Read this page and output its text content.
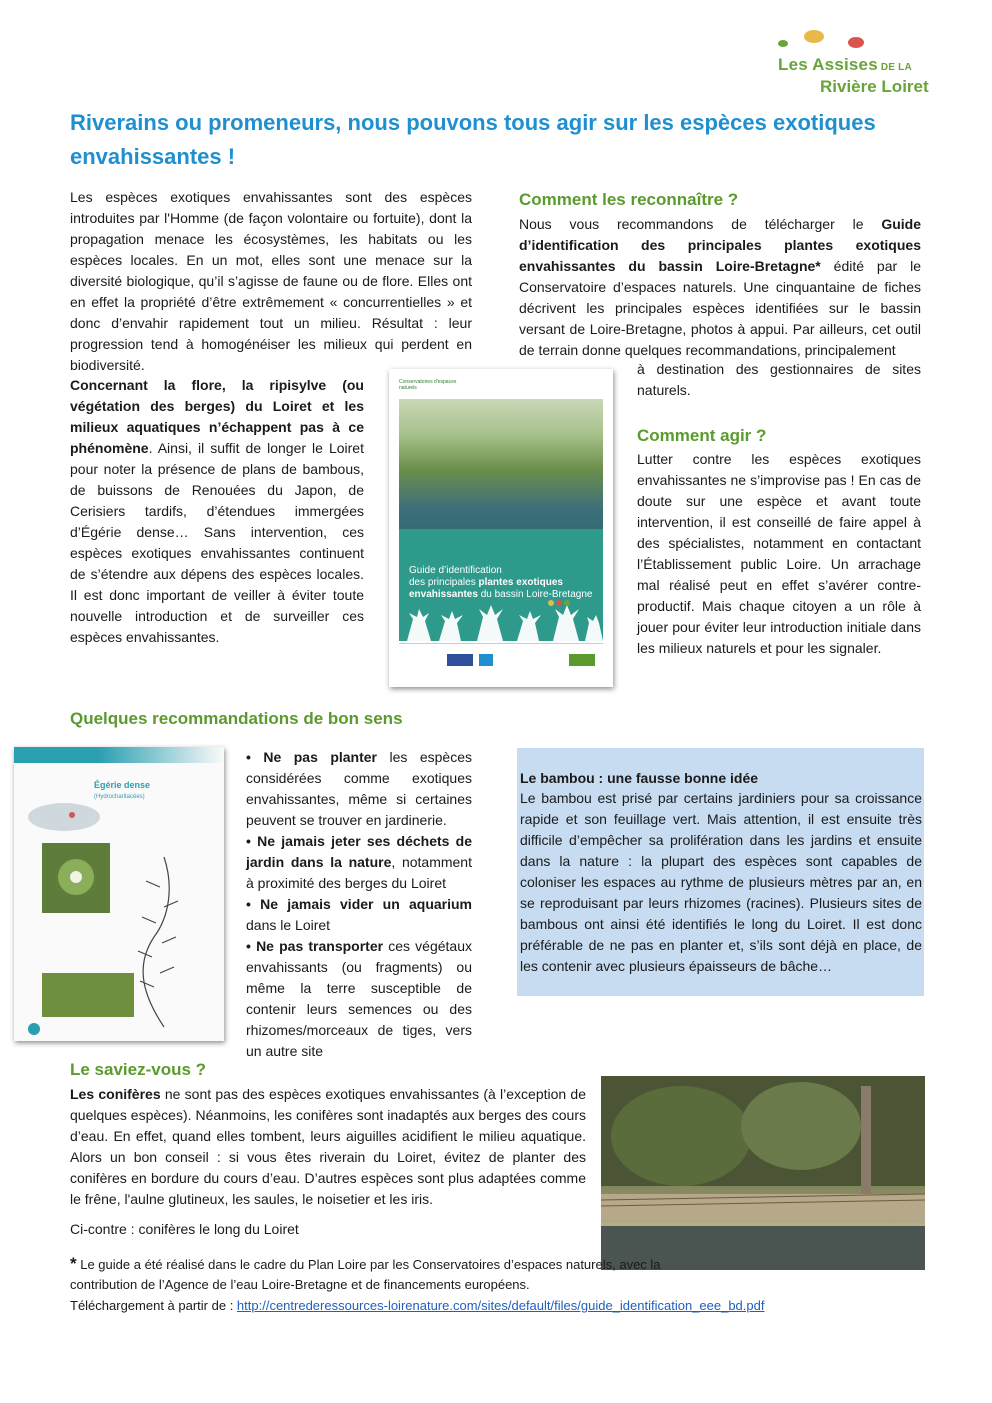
Les Assises DE LA
Rivière Loiret
Riverains ou promeneurs, nous pouvons tous agir sur les espèces exotiques envahissantes !
Les espèces exotiques envahissantes sont des espèces introduites par l'Homme (de façon volontaire ou fortuite), dont la propagation menace les écosystèmes, les habitats ou les espèces locales. En un mot, elles sont une menace sur la diversité biologique, qu’il s’agisse de faune ou de flore. Elles ont en effet la propriété d’être extrêmement « concurrentielles » et donc d’envahir rapidement tout un milieu. Résultat : leur progression tend à homogénéiser les milieux qui perdent en biodiversité.
Concernant la flore, la ripisylve (ou végétation des berges) du Loiret et les milieux aquatiques n’échappent pas à ce phénomène. Ainsi, il suffit de longer le Loiret pour noter la présence de plans de bambous, de buissons de Renouées du Japon, de Cerisiers tardifs, d’étendues immergées d’Égérie dense… Sans intervention, ces espèces exotiques envahissantes continuent de s’étendre aux dépens des espèces locales. Il est donc important de veiller à éviter toute nouvelle introduction et de surveiller ces espèces envahissantes.
Comment les reconnaître ?
Nous vous recommandons de télécharger le Guide d’identification des principales plantes exotiques envahissantes du bassin Loire-Bretagne* édité par le Conservatoire d’espaces naturels. Une cinquantaine de fiches décrivent les principales espèces identifiées sur le bassin versant de Loire-Bretagne, photos à appui. Par ailleurs, cet outil de terrain donne quelques recommandations, principalement
à destination des gestionnaires de sites naturels.
Conservatoires d'espaces naturels
Guide d’identification
des principales plantes exotiques envahissantes du bassin Loire-Bretagne
Comment agir ?
Lutter contre les espèces exotiques envahissantes ne s’improvise pas ! En cas de doute sur une espèce et avant toute intervention, il est conseillé de faire appel à des spécialistes, notamment en contactant l’Établissement public Loire. Un arrachage mal réalisé peut en effet s’avérer contre-productif. Mais chaque citoyen a un rôle à jouer pour éviter leur introduction initiale dans les milieux naturels et pour les signaler.
Quelques recommandations de bon sens
Égérie dense
(Hydrocharitacées)

• Ne pas planter les espèces considérées comme exotiques envahissantes, même si certaines peuvent se trouver en jardinerie.

• Ne jamais jeter ses déchets de jardin dans la nature, notamment à proximité des berges du Loiret

• Ne jamais vider un aquarium dans le Loiret

• Ne pas transporter ces végétaux envahissants (ou fragments) ou même la terre susceptible de contenir leurs semences ou des rhizomes/morceaux de tiges, vers un autre site

Le bambou : une fausse bonne idée
Le bambou est prisé par certains jardiniers pour sa croissance rapide et son feuillage vert. Mais attention, il est ensuite très difficile d’empêcher sa prolifération dans les jardins et ensuite dans la nature : la plupart des espèces sont capables de coloniser les espaces au rythme de plusieurs mètres par an, en se reproduisant par leurs rhizomes (racines). Plusieurs sites de bambous ont ainsi été identifiés le long du Loiret. Il est donc préférable de ne pas en planter et, s’ils sont déjà en place, de les contenir avec plusieurs épaisseurs de bâche…
Le saviez-vous ?
Les conifères ne sont pas des espèces exotiques envahissantes (à l’exception de quelques espèces). Néanmoins, les conifères sont inadaptés aux berges des cours d’eau. En effet, quand elles tombent, leurs aiguilles acidifient le milieu aquatique. Alors un bon conseil : si vous êtes riverain du Loiret, évitez de planter des conifères en bordure du cours d’eau. D’autres espèces sont plus adaptées comme le frêne, l'aulne glutineux, les saules, le noisetier et les iris.
Ci-contre : conifères le long du Loiret
* Le guide a été réalisé dans le cadre du Plan Loire par les Conservatoires d’espaces naturels, avec la contribution de l’Agence de l’eau Loire-Bretagne et de financements européens.
Téléchargement à partir de : http://centrederessources-loirenature.com/sites/default/files/guide_identification_eee_bd.pdf
